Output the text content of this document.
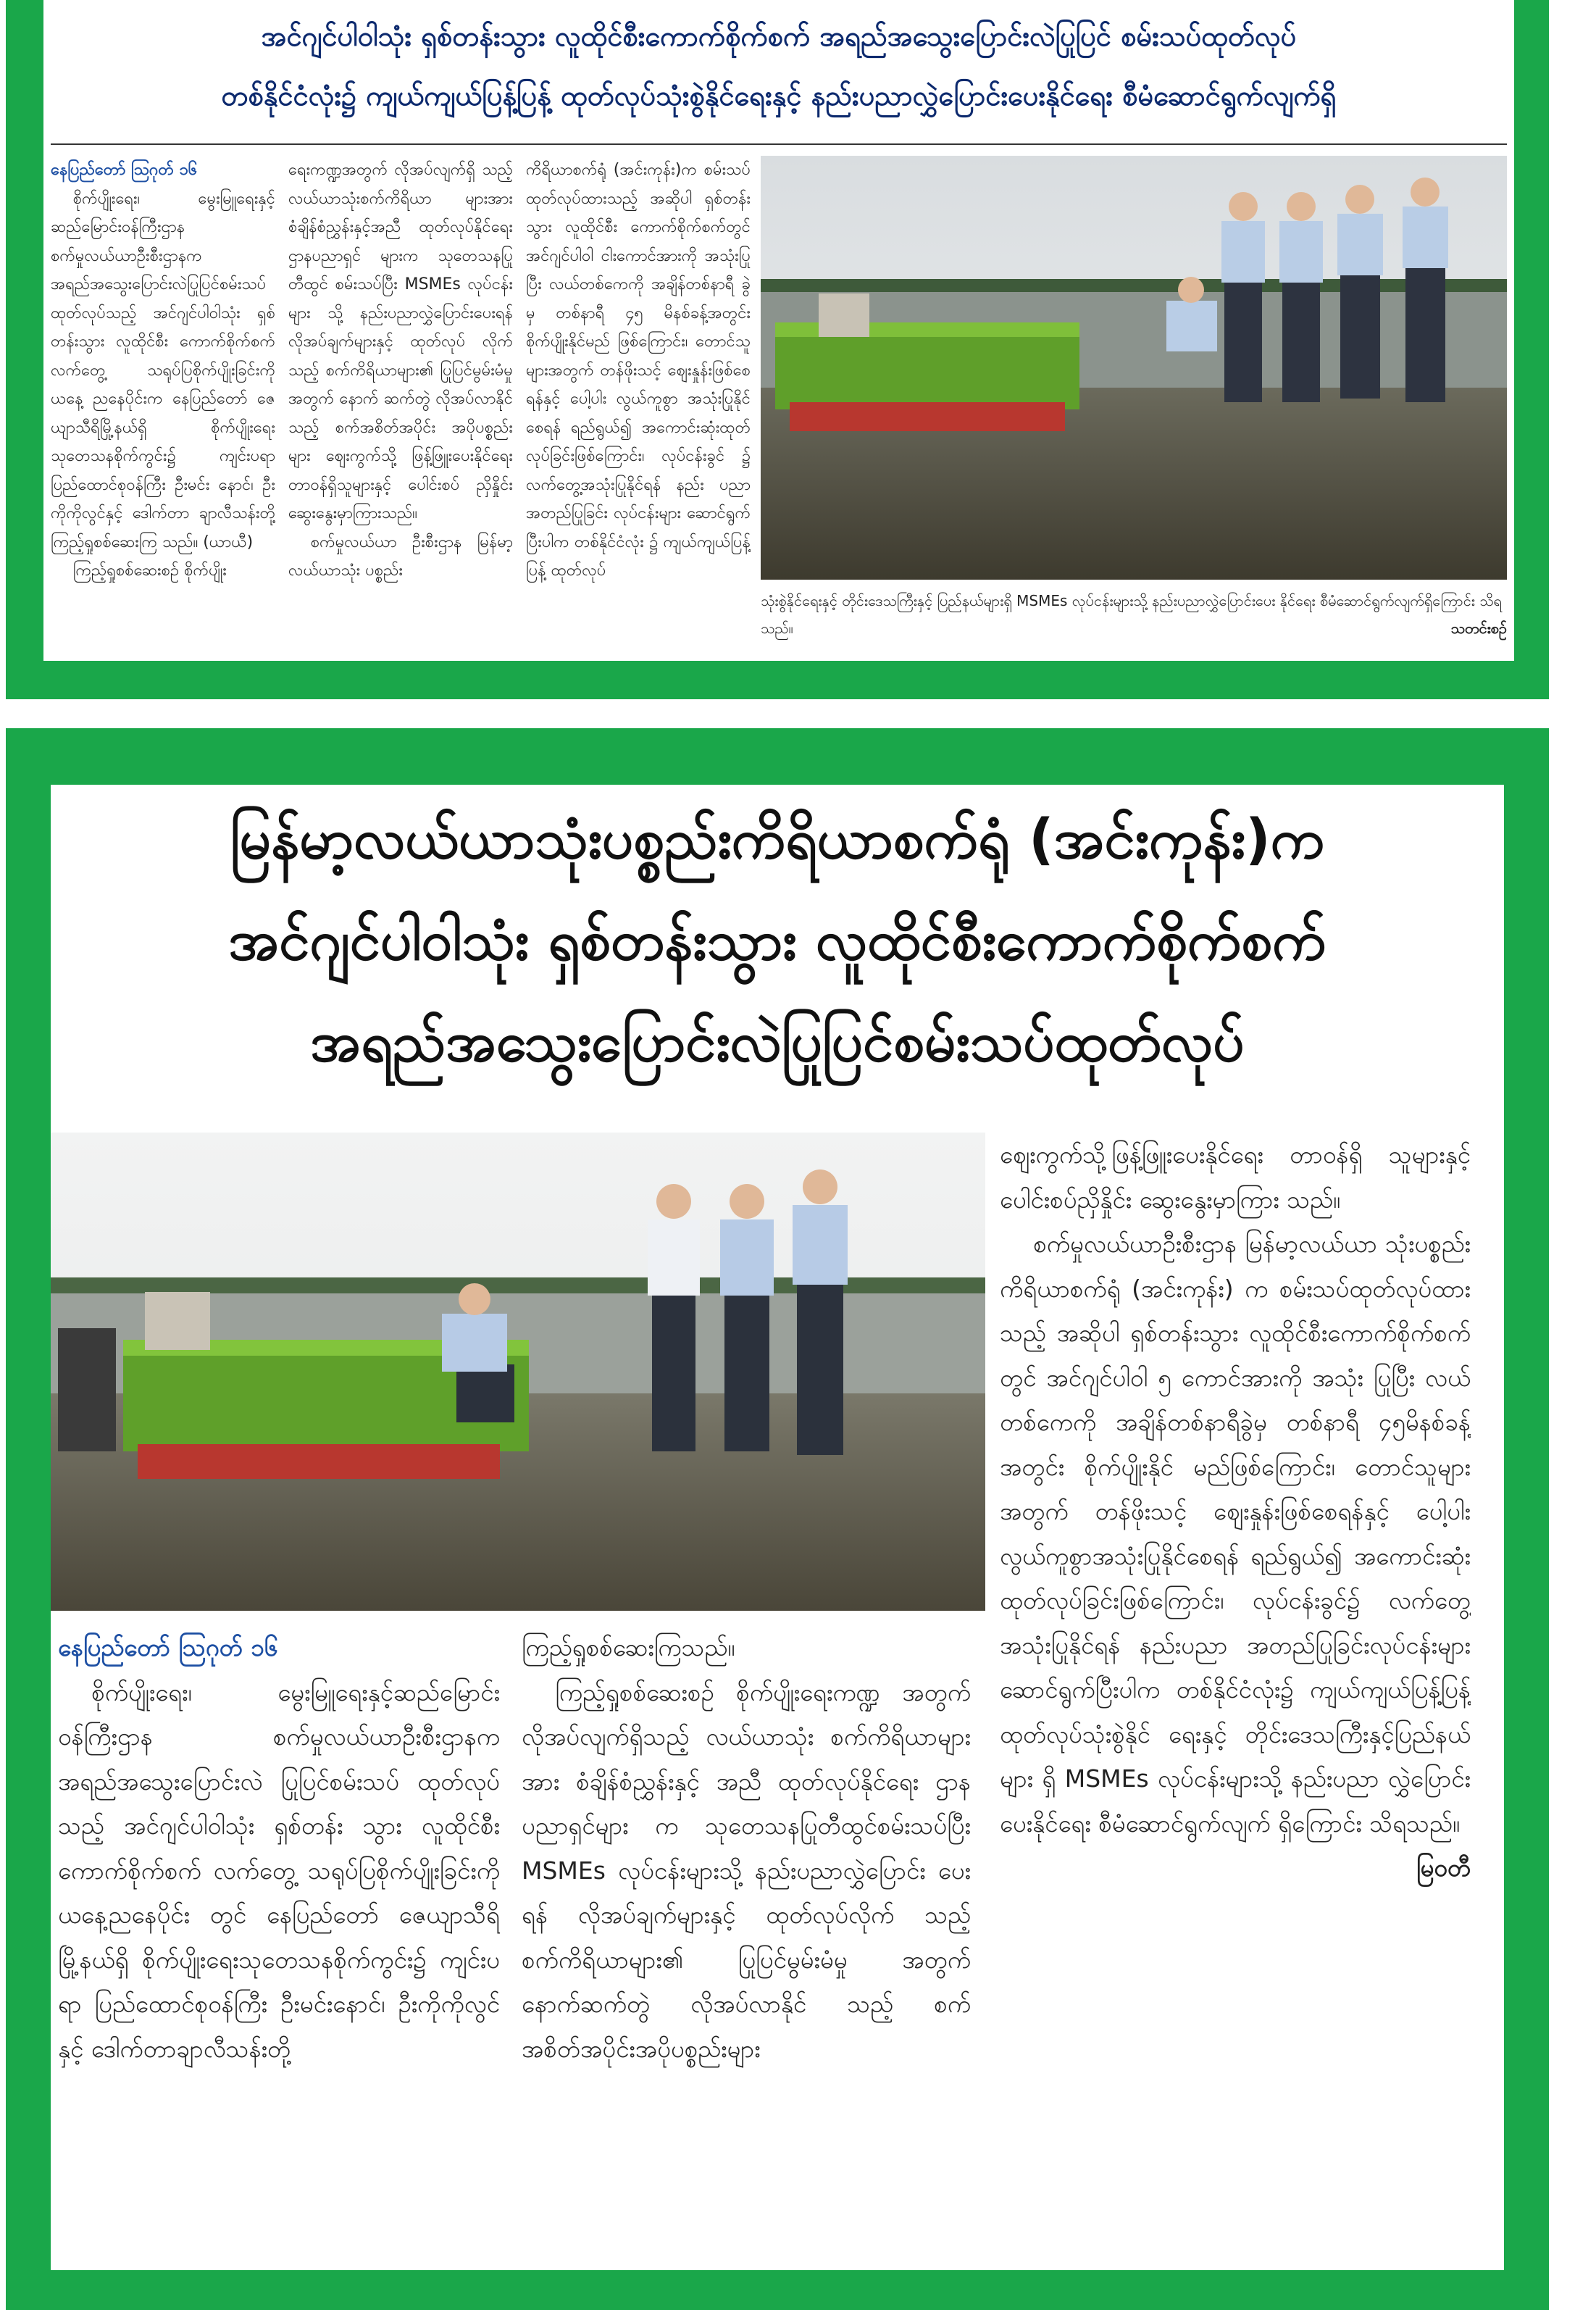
အင်ဂျင်ပါဝါသုံး ရှစ်တန်းသွား လူထိုင်စီးကောက်စိုက်စက် အရည်အသွေးပြောင်းလဲပြုပြင် စမ်းသပ်ထုတ်လုပ်
တစ်နိုင်ငံလုံး၌ ကျယ်ကျယ်ပြန့်ပြန့် ထုတ်လုပ်သုံးစွဲနိုင်ရေးနှင့် နည်းပညာလွှဲပြောင်းပေးနိုင်ရေး စီမံဆောင်ရွက်လျက်ရှိ

နေပြည်တော် ဩဂုတ် ၁၆

စိုက်ပျိုးရေး၊ မွေးမြူရေးနှင့် ဆည်မြောင်းဝန်ကြီးဌာန စက်မှုလယ်ယာဦးစီးဌာနက အရည်အသွေးပြောင်းလဲပြုပြင်စမ်းသပ် ထုတ်လုပ်သည့် အင်ဂျင်ပါဝါသုံး ရှစ်တန်းသွား လူထိုင်စီး ကောက်စိုက်စက် လက်တွေ့ သရုပ်ပြစိုက်ပျိုးခြင်းကို ယနေ့ ညနေပိုင်းက နေပြည်တော် ဇေယျာသီရိမြို့နယ်ရှိ စိုက်ပျိုးရေး သုတေသနစိုက်ကွင်း၌ ကျင်းပရာ ပြည်ထောင်စုဝန်ကြီး ဦးမင်း နောင်၊ ဦးကိုကိုလွင်နှင့် ဒေါက်တာ ချာလီသန်းတို့ ကြည့်ရှုစစ်ဆေးကြ သည်။ (ယာယီ)

ကြည့်ရှုစစ်ဆေးစဉ် စိုက်ပျိုး

ရေးကဏ္ဍအတွက် လိုအပ်လျက်ရှိ သည့် လယ်ယာသုံးစက်ကိရိယာ များအား စံချိန်စံညွှန်းနှင့်အညီ ထုတ်လုပ်နိုင်ရေး ဌာနပညာရှင် များက သုတေသနပြု တီထွင် စမ်းသပ်ပြီး MSMEs လုပ်ငန်းများ သို့ နည်းပညာလွှဲပြောင်းပေးရန် လိုအပ်ချက်များနှင့် ထုတ်လုပ် လိုက်သည့် စက်ကိရိယာများ၏ ပြုပြင်မွမ်းမံမှုအတွက် နောက် ဆက်တွဲ လိုအပ်လာနိုင်သည့် စက်အစိတ်အပိုင်း အပိုပစ္စည်းများ ဈေးကွက်သို့ ဖြန့်ဖြူးပေးနိုင်ရေး တာဝန်ရှိသူများနှင့် ပေါင်းစပ် ညှိနှိုင်းဆွေးနွေးမှာကြားသည်။

စက်မှုလယ်ယာ ဦးစီးဌာန မြန်မာ့လယ်ယာသုံး ပစ္စည်း

ကိရိယာစက်ရုံ (အင်းကုန်း)က စမ်းသပ် ထုတ်လုပ်ထားသည့် အဆိုပါ ရှစ်တန်းသွား လူထိုင်စီး ကောက်စိုက်စက်တွင် အင်ဂျင်ပါဝါ ငါးကောင်အားကို အသုံးပြုပြီး လယ်တစ်ကေကို အချိန်တစ်နာရီ ခွဲမှ တစ်နာရီ ၄၅ မိနစ်ခန့်အတွင်း စိုက်ပျိုးနိုင်မည် ဖြစ်ကြောင်း၊ တောင်သူများအတွက် တန်ဖိုးသင့် ဈေးနှုန်းဖြစ်စေရန်နှင့် ပေါ့ပါး လွယ်ကူစွာ အသုံးပြုနိုင်စေရန် ရည်ရွယ်၍ အကောင်းဆုံးထုတ် လုပ်ခြင်းဖြစ်ကြောင်း၊ လုပ်ငန်းခွင် ၌ လက်တွေ့အသုံးပြုနိုင်ရန် နည်း ပညာ အတည်ပြုခြင်း လုပ်ငန်းများ ဆောင်ရွက်ပြီးပါက တစ်နိုင်ငံလုံး ၌ ကျယ်ကျယ်ပြန့်ပြန့် ထုတ်လုပ်

သုံးစွဲနိုင်ရေးနှင့် တိုင်းဒေသကြီးနှင့် ပြည်နယ်များရှိ MSMEs လုပ်ငန်းများသို့ နည်းပညာလွှဲပြောင်းပေး နိုင်ရေး စီမံဆောင်ရွက်လျက်ရှိကြောင်း သိရသည်။	သတင်းစဉ်
မြန်မာ့လယ်ယာသုံးပစ္စည်းကိရိယာစက်ရုံ (အင်းကုန်း)က
အင်ဂျင်ပါဝါသုံး ရှစ်တန်းသွား လူထိုင်စီးကောက်စိုက်စက်
အရည်အသွေးပြောင်းလဲပြုပြင်စမ်းသပ်ထုတ်လုပ်

နေပြည်တော် ဩဂုတ် ၁၆

စိုက်ပျိုးရေး၊ မွေးမြူရေးနှင့်ဆည်မြောင်း ဝန်ကြီးဌာန စက်မှုလယ်ယာဦးစီးဌာနက အရည်အသွေးပြောင်းလဲ ပြုပြင်စမ်းသပ် ထုတ်လုပ်သည့် အင်ဂျင်ပါဝါသုံး ရှစ်တန်း သွား လူထိုင်စီးကောက်စိုက်စက် လက်တွေ့ သရုပ်ပြစိုက်ပျိုးခြင်းကို ယနေ့ညနေပိုင်း တွင် နေပြည်တော် ဇေယျာသီရိမြို့နယ်ရှိ စိုက်ပျိုးရေးသုတေသနစိုက်ကွင်း၌ ကျင်းပ ရာ ပြည်ထောင်စုဝန်ကြီး ဦးမင်းနောင်၊ ဦးကိုကိုလွင်နှင့် ဒေါက်တာချာလီသန်းတို့

ကြည့်ရှုစစ်ဆေးကြသည်။

ကြည့်ရှုစစ်ဆေးစဉ် စိုက်ပျိုးရေးကဏ္ဍ အတွက် လိုအပ်လျက်ရှိသည့် လယ်ယာသုံး စက်ကိရိယာများအား စံချိန်စံညွှန်းနှင့် အညီ ထုတ်လုပ်နိုင်ရေး ဌာနပညာရှင်များ က သုတေသနပြုတီထွင်စမ်းသပ်ပြီး MSMEs လုပ်ငန်းများသို့ နည်းပညာလွှဲပြောင်း ပေးရန် လိုအပ်ချက်များနှင့် ထုတ်လုပ်လိုက် သည့် စက်ကိရိယာများ၏ ပြုပြင်မွမ်းမံမှု အတွက် နောက်ဆက်တွဲ လိုအပ်လာနိုင် သည့် စက်အစိတ်အပိုင်းအပိုပစ္စည်းများ

ဈေးကွက်သို့ဖြန့်ဖြူးပေးနိုင်ရေး တာဝန်ရှိ သူများနှင့် ပေါင်းစပ်ညှိနှိုင်း ဆွေးနွေးမှာကြား သည်။

စက်မှုလယ်ယာဦးစီးဌာန မြန်မာ့လယ်ယာ သုံးပစ္စည်းကိရိယာစက်ရုံ (အင်းကုန်း) က စမ်းသပ်ထုတ်လုပ်ထားသည့် အဆိုပါ ရှစ်တန်းသွား လူထိုင်စီးကောက်စိုက်စက် တွင် အင်ဂျင်ပါဝါ ၅ ကောင်အားကို အသုံး ပြုပြီး လယ်တစ်ကေကို အချိန်တစ်နာရီခွဲမှ တစ်နာရီ ၄၅မိနစ်ခန့် အတွင်း စိုက်ပျိုးနိုင် မည်ဖြစ်ကြောင်း၊ တောင်သူများအတွက် တန်ဖိုးသင့် ဈေးနှုန်းဖြစ်စေရန်နှင့် ပေါ့ပါး လွယ်ကူစွာအသုံးပြုနိုင်စေရန် ရည်ရွယ်၍ အကောင်းဆုံး ထုတ်လုပ်ခြင်းဖြစ်ကြောင်း၊ လုပ်ငန်းခွင်၌ လက်တွေ့အသုံးပြုနိုင်ရန် နည်းပညာ အတည်ပြုခြင်းလုပ်ငန်းများ ဆောင်ရွက်ပြီးပါက တစ်နိုင်ငံလုံး၌ ကျယ်ကျယ်ပြန့်ပြန့် ထုတ်လုပ်သုံးစွဲနိုင် ရေးနှင့် တိုင်းဒေသကြီးနှင့်ပြည်နယ်များ ရှိ MSMEs လုပ်ငန်းများသို့ နည်းပညာ လွှဲပြောင်းပေးနိုင်ရေး စီမံဆောင်ရွက်လျက် ရှိကြောင်း သိရသည်။

မြဝတီ
